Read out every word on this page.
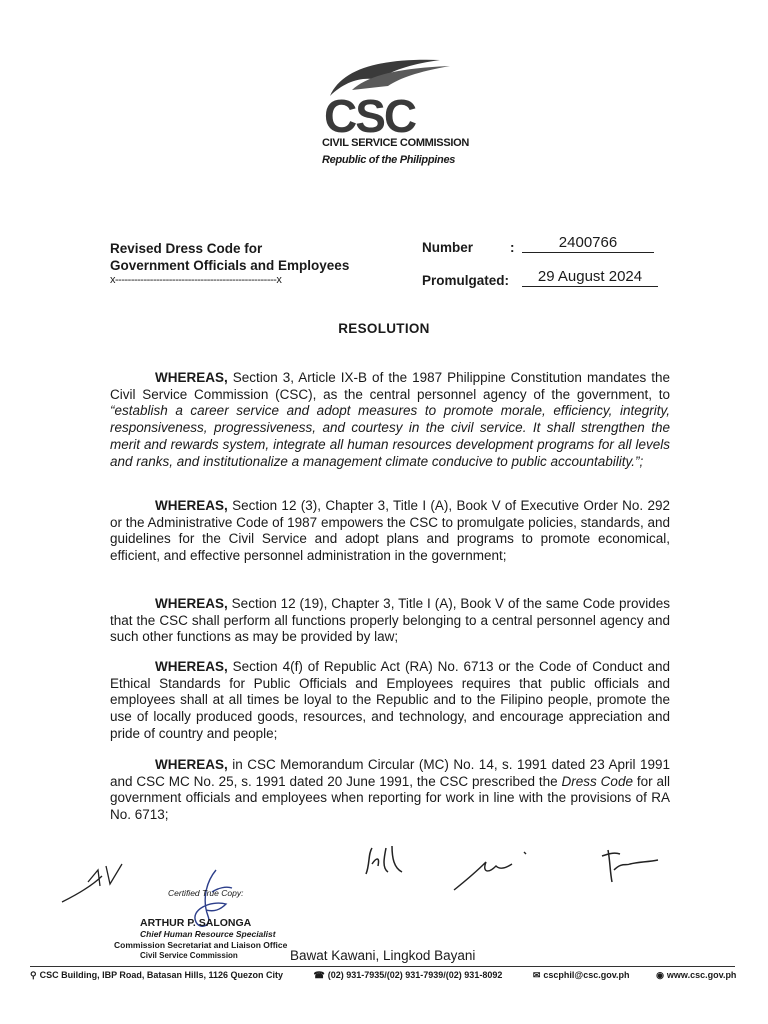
CSC
CIVIL SERVICE COMMISSION
Republic of the Philippines
Revised Dress Code for
Government Officials and Employees
x---------------------------------------------------x
Number	:	2400766
Promulgated:	29 August 2024
RESOLUTION
WHEREAS, Section 3, Article IX-B of the 1987 Philippine Constitution mandates the Civil Service Commission (CSC), as the central personnel agency of the government, to “establish a career service and adopt measures to promote morale, efficiency, integrity, responsiveness, progressiveness, and courtesy in the civil service. It shall strengthen the merit and rewards system, integrate all human resources development programs for all levels and ranks, and institutionalize a management climate conducive to public accountability.”;
WHEREAS, Section 12 (3), Chapter 3, Title I (A), Book V of Executive Order No. 292 or the Administrative Code of 1987 empowers the CSC to promulgate policies, standards, and guidelines for the Civil Service and adopt plans and programs to promote economical, efficient, and effective personnel administration in the government;
WHEREAS, Section 12 (19), Chapter 3, Title I (A), Book V of the same Code provides that the CSC shall perform all functions properly belonging to a central personnel agency and such other functions as may be provided by law;
WHEREAS, Section 4(f) of Republic Act (RA) No. 6713 or the Code of Conduct and Ethical Standards for Public Officials and Employees requires that public officials and employees shall at all times be loyal to the Republic and to the Filipino people, promote the use of locally produced goods, resources, and technology, and encourage appreciation and pride of country and people;
WHEREAS, in CSC Memorandum Circular (MC) No. 14, s. 1991 dated 23 April 1991 and CSC MC No. 25, s. 1991 dated 20 June 1991, the CSC prescribed the Dress Code for all government officials and employees when reporting for work in line with the provisions of RA No. 6713;
Certified True Copy:
ARTHUR P. SALONGA
Chief Human Resource Specialist
Commission Secretariat and Liaison Office
Civil Service Commission	Bawat Kawani, Lingkod Bayani
⚲ CSC Building, IBP Road, Batasan Hills, 1126 Quezon City	☎ (02) 931-7935/(02) 931-7939/(02) 931-8092	✉ cscphil@csc.gov.ph	◉ www.csc.gov.ph
